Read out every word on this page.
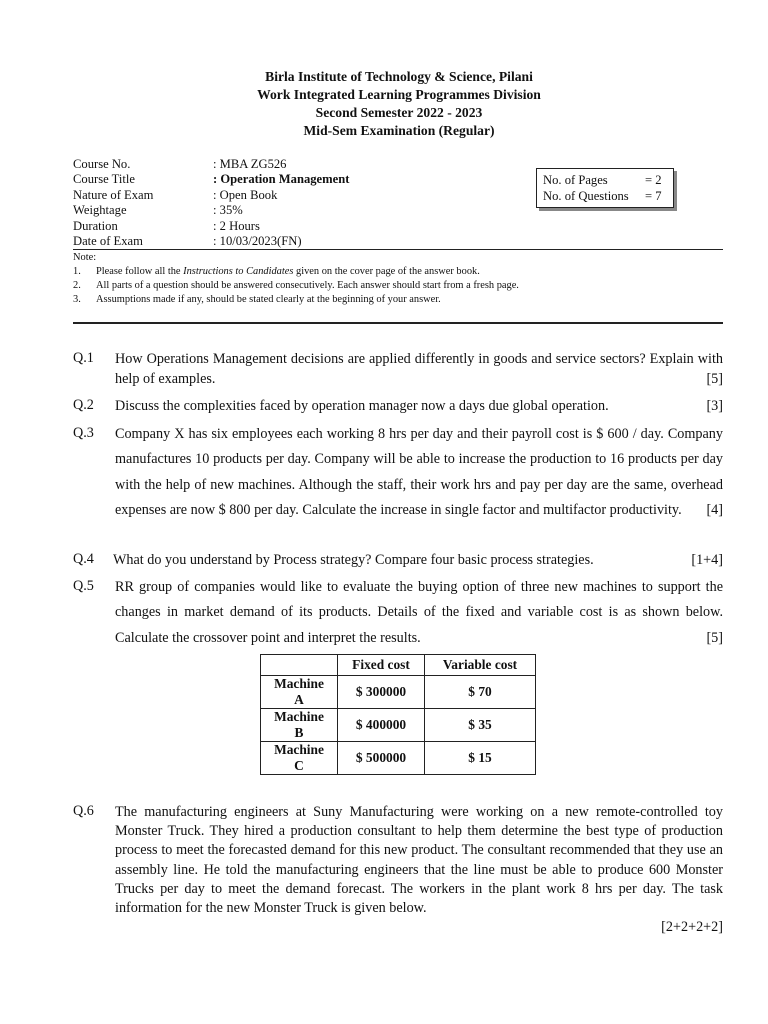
Birla Institute of Technology & Science, Pilani
Work Integrated Learning Programmes Division
Second Semester 2022 - 2023
Mid-Sem Examination (Regular)
Course No.	: MBA ZG526
Course Title	: Operation Management
Nature of Exam	: Open Book
Weightage	: 35%
Duration	: 2 Hours
Date of Exam	: 10/03/2023(FN)
No. of Pages	= 2
No. of Questions	= 7
Note:
1.	Please follow all the Instructions to Candidates given on the cover page of the answer book.
2.	All parts of a question should be answered consecutively. Each answer should start from a fresh page.
3.	Assumptions made if any, should be stated clearly at the beginning of your answer.
Q.1 How Operations Management decisions are applied differently in goods and service sectors? Explain with help of examples.	[5]
Q.2 Discuss the complexities faced by operation manager now a days due global operation.	[3]
Q.3 Company X has six employees each working 8 hrs per day and their payroll cost is $ 600 / day. Company manufactures 10 products per day. Company will be able to increase the production to 16 products per day with the help of new machines. Although the staff, their work hrs and pay per day are the same, overhead expenses are now $ 800 per day. Calculate the increase in single factor and multifactor productivity. [4]
Q.4 What do you understand by Process strategy? Compare four basic process strategies.	[1+4]
Q.5 RR group of companies would like to evaluate the buying option of three new machines to support the changes in market demand of its products. Details of the fixed and variable cost is as shown below. Calculate the crossover point and interpret the results.	[5]
	Fixed cost	Variable cost

Machine
A	$ 300000	$ 70

Machine
B	$ 400000	$ 35

Machine
C	$ 500000	$ 15
Q.6 The manufacturing engineers at Suny Manufacturing were working on a new remote-controlled toy Monster Truck. They hired a production consultant to help them determine the best type of production process to meet the forecasted demand for this new product. The consultant recommended that they use an assembly line. He told the manufacturing engineers that the line must be able to produce 600 Monster Trucks per day to meet the demand forecast. The workers in the plant work 8 hrs per day. The task information for the new Monster Truck is given below.

[2+2+2+2]
